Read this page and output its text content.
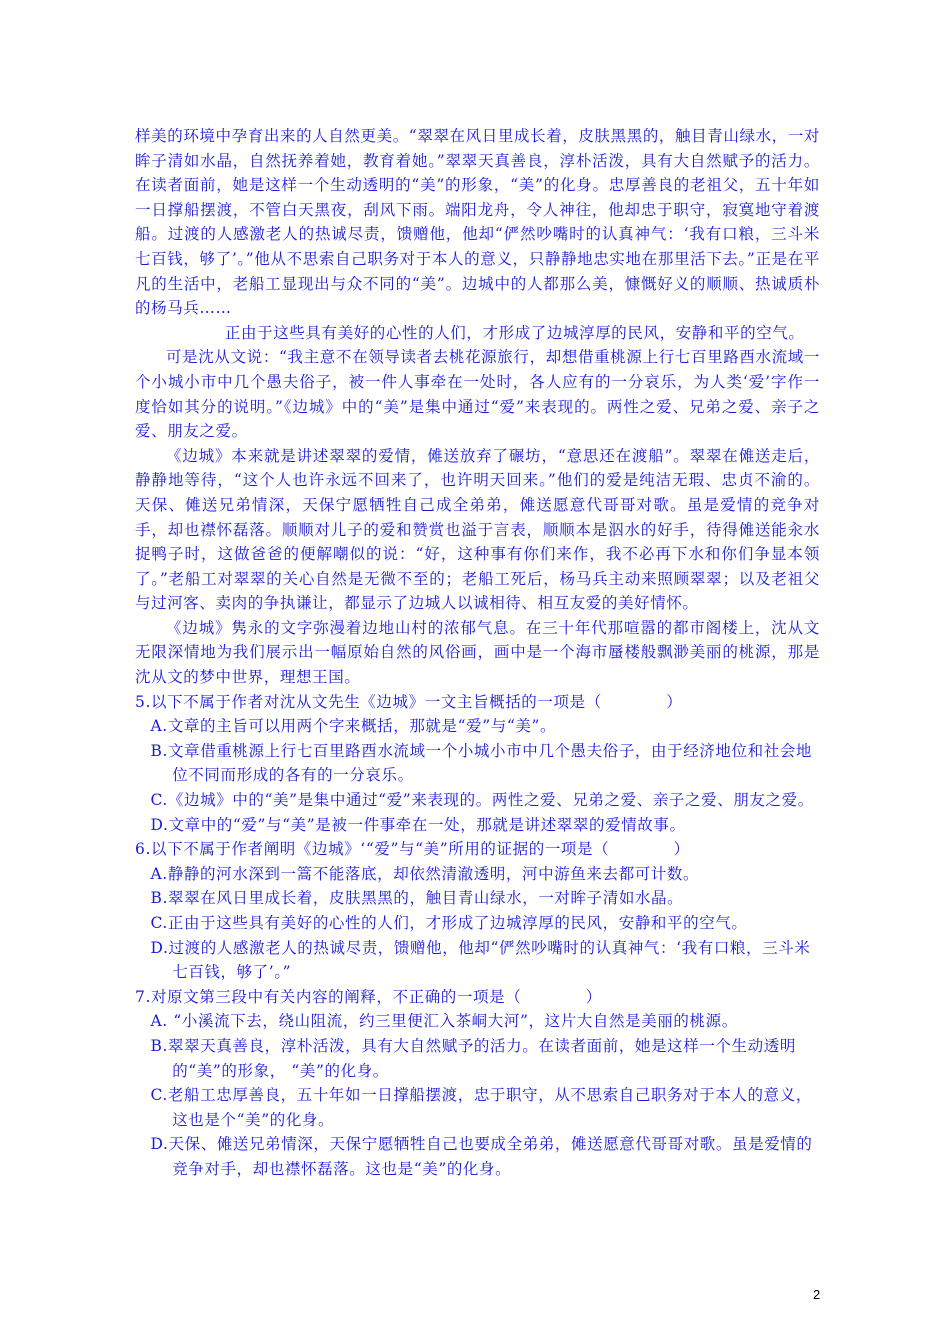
样美的环境中孕育出来的人自然更美。“翠翠在风日里成长着，皮肤黑黑的，触目青山绿水，一对眸子清如水晶，自然抚养着她，教育着她。”翠翠天真善良，淳朴活泼，具有大自然赋予的活力。在读者面前，她是这样一个生动透明的“美”的形象，“美”的化身。忠厚善良的老祖父，五十年如一日撑船摆渡，不管白天黑夜，刮风下雨。端阳龙舟，令人神往，他却忠于职守，寂寞地守着渡船。过渡的人感激老人的热诚尽责，馈赠他，他却“俨然吵嘴时的认真神气：‘我有口粮，三斗米七百钱，够了’。”他从不思索自己职务对于本人的意义，只静静地忠实地在那里活下去。”正是在平凡的生活中，老船工显现出与众不同的“美”。边城中的人都那么美，慷慨好义的顺顺、热诚质朴的杨马兵……

正由于这些具有美好的心性的人们，才形成了边城淳厚的民风，安静和平的空气。

可是沈从文说：“我主意不在领导读者去桃花源旅行，却想借重桃源上行七百里路酉水流域一个小城小市中几个愚夫俗子，被一件人事牵在一处时，各人应有的一分哀乐，为人类‘爱’字作一度恰如其分的说明。”《边城》中的“美”是集中通过“爱”来表现的。两性之爱、兄弟之爱、亲子之爱、朋友之爱。

《边城》本来就是讲述翠翠的爱情，傩送放弃了碾坊，“意思还在渡船”。翠翠在傩送走后，静静地等待，“这个人也许永远不回来了，也许明天回来。”他们的爱是纯洁无瑕、忠贞不渝的。天保、傩送兄弟情深，天保宁愿牺牲自己成全弟弟，傩送愿意代哥哥对歌。虽是爱情的竞争对手，却也襟怀磊落。顺顺对儿子的爱和赞赏也溢于言表，顺顺本是泅水的好手，待得傩送能汆水捉鸭子时，这做爸爸的便解嘲似的说：“好，这种事有你们来作，我不必再下水和你们争显本领了。”老船工对翠翠的关心自然是无微不至的；老船工死后，杨马兵主动来照顾翠翠；以及老祖父与过河客、卖肉的争执谦让，都显示了边城人以诚相待、相互友爱的美好情怀。

《边城》隽永的文字弥漫着边地山村的浓郁气息。在三十年代那喧嚣的都市阁楼上，沈从文无限深情地为我们展示出一幅原始自然的风俗画，画中是一个海市蜃楼般飘渺美丽的桃源，那是沈从文的梦中世界，理想王国。

5.以下不属于作者对沈从文先生《边城》一文主旨概括的一项是（　　　　）

A.文章的主旨可以用两个字来概括，那就是“爱”与“美”。

B.文章借重桃源上行七百里路酉水流域一个小城小市中几个愚夫俗子，由于经济地位和社会地位不同而形成的各有的一分哀乐。

C.《边城》中的“美”是集中通过“爱”来表现的。两性之爱、兄弟之爱、亲子之爱、朋友之爱。

D.文章中的“爱”与“美”是被一件事牵在一处，那就是讲述翠翠的爱情故事。

6.以下不属于作者阐明《边城》‘“爱”与“美”所用的证据的一项是（　　　　）

A.静静的河水深到一篙不能落底，却依然清澈透明，河中游鱼来去都可计数。

B.翠翠在风日里成长着，皮肤黑黑的，触目青山绿水，一对眸子清如水晶。

C.正由于这些具有美好的心性的人们，才形成了边城淳厚的民风，安静和平的空气。

D.过渡的人感激老人的热诚尽责，馈赠他，他却“俨然吵嘴时的认真神气：‘我有口粮，三斗米七百钱，够了’。”

7.对原文第三段中有关内容的阐释，不正确的一项是（　　　　）

A. “小溪流下去，绕山阻流，约三里便汇入茶峒大河”，这片大自然是美丽的桃源。

B.翠翠天真善良，淳朴活泼，具有大自然赋予的活力。在读者面前，她是这样一个生动透明的“美”的形象， “美”的化身。

C.老船工忠厚善良，五十年如一日撑船摆渡，忠于职守，从不思索自己职务对于本人的意义，这也是个“美”的化身。

D.天保、傩送兄弟情深，天保宁愿牺牲自己也要成全弟弟，傩送愿意代哥哥对歌。虽是爱情的竞争对手，却也襟怀磊落。这也是“美”的化身。

2
